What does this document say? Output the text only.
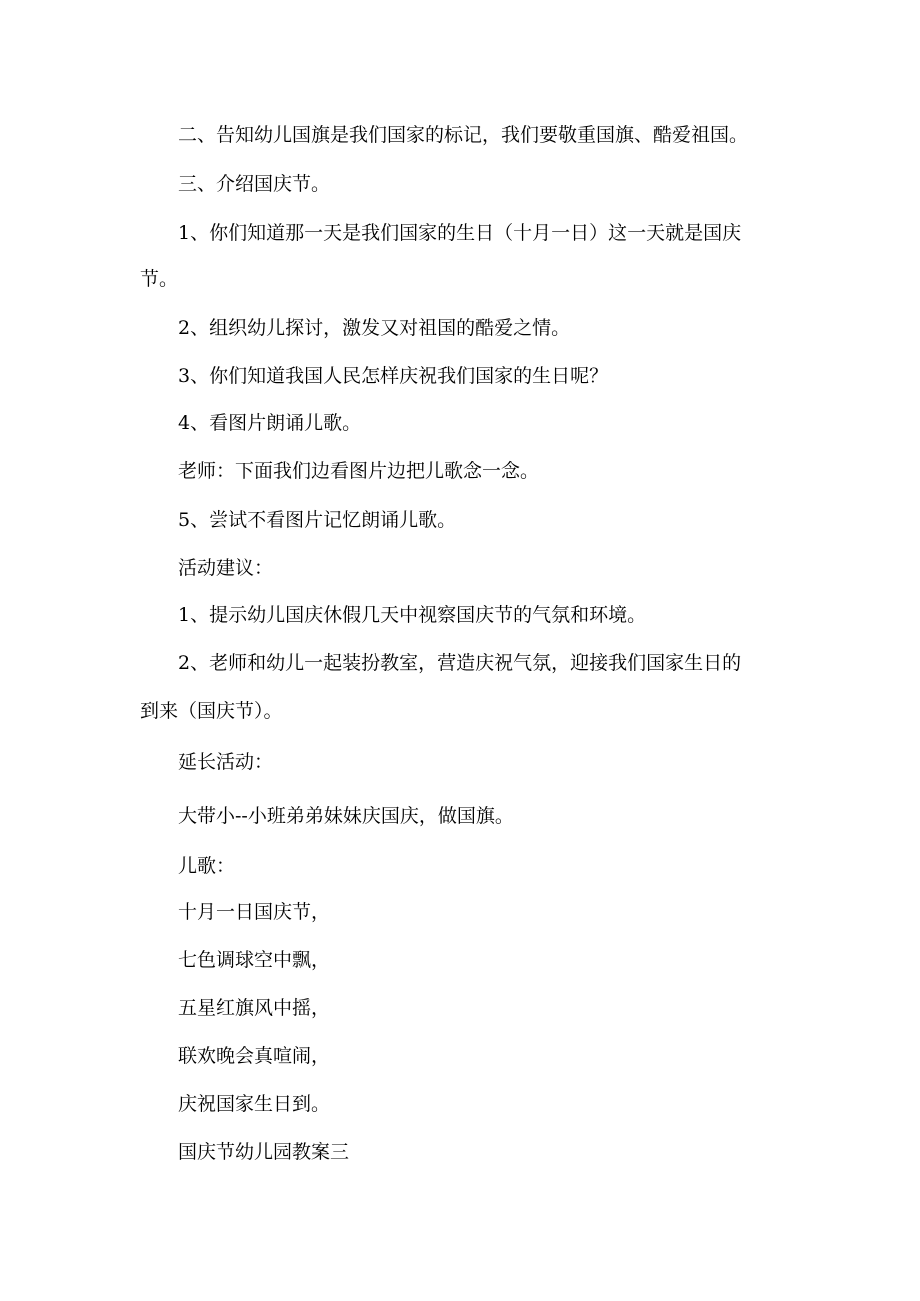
二、告知幼儿国旗是我们国家的标记，我们要敬重国旗、酷爱祖国。

三、介绍国庆节。

1、你们知道那一天是我们国家的生日（十月一日）这一天就是国庆

节。

2、组织幼儿探讨，激发又对祖国的酷爱之情。

3、你们知道我国人民怎样庆祝我们国家的生日呢？

4、看图片朗诵儿歌。

老师：下面我们边看图片边把儿歌念一念。

5、尝试不看图片记忆朗诵儿歌。

活动建议：

1、提示幼儿国庆休假几天中视察国庆节的气氛和环境。

2、老师和幼儿一起装扮教室，营造庆祝气氛，迎接我们国家生日的

到来（国庆节）。

延长活动：

大带小--小班弟弟妹妹庆国庆，做国旗。

儿歌：

十月一日国庆节，

七色调球空中飘，

五星红旗风中摇，

联欢晚会真喧闹，

庆祝国家生日到。

国庆节幼儿园教案三
